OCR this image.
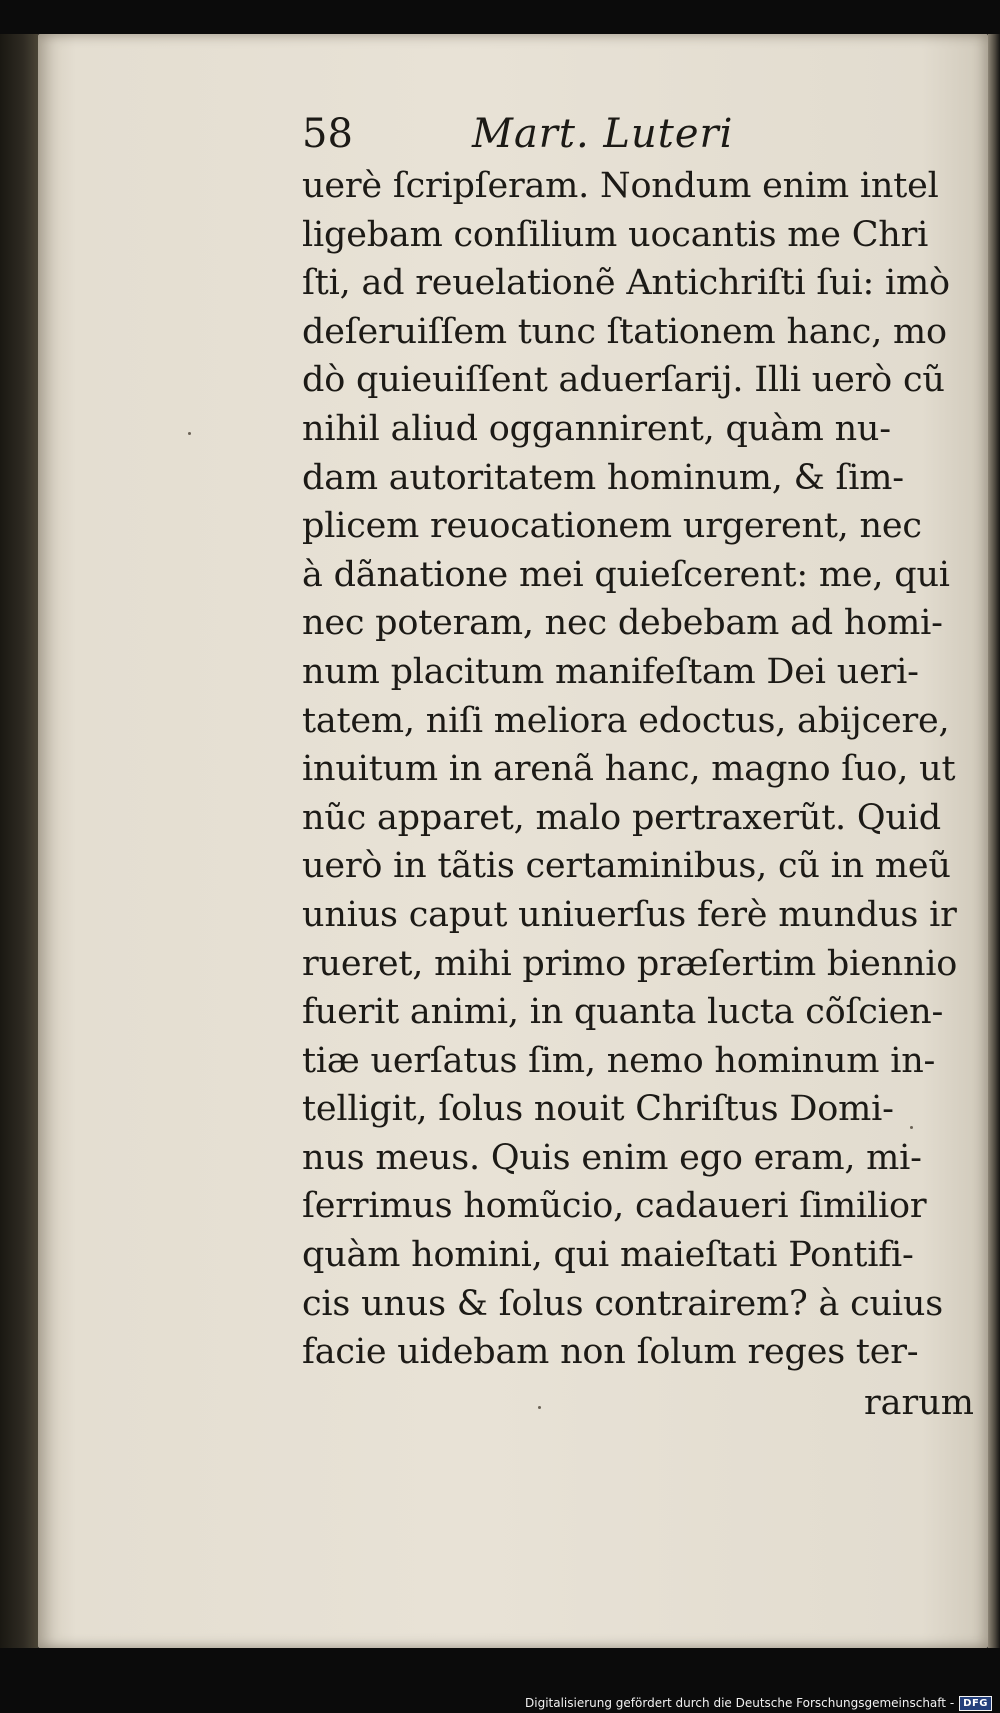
58	Mart. Luteri
uerè ſcripſeram. Nondum enim intel
ligebam conſilium uocantis me Chri
ſti, ad reuelationẽ Antichriſti ſui: imò
deſeruiſſem tunc ſtationem hanc, mo
dò quieuiſſent aduerſarij. Illi uerò cũ
nihil aliud oggannirent, quàm nu-
dam autoritatem hominum, & ſim-
plicem reuocationem urgerent, nec
à dãnatione mei quieſcerent: me, qui
nec poteram, nec debebam ad homi-
num placitum manifeſtam Dei ueri-
tatem, niſi meliora edoctus, abijcere,
inuitum in arenã hanc, magno ſuo, ut
nũc apparet, malo pertraxerũt. Quid
uerò in tãtis certaminibus, cũ in meũ
unius caput uniuerſus ferè mundus ir
rueret, mihi primo præſertim biennio
fuerit animi, in quanta lucta cõſcien-
tiæ uerſatus ſim, nemo hominum in-
telligit, ſolus nouit Chriſtus Domi-
nus meus. Quis enim ego eram, mi-
ſerrimus homũcio, cadaueri ſimilior
quàm homini, qui maieſtati Pontifi-
cis unus & ſolus contrairem? à cuius
facie uidebam non ſolum reges ter-
rarum
Digitalisierung gefördert durch die Deutsche Forschungsgemeinschaft - DFG
